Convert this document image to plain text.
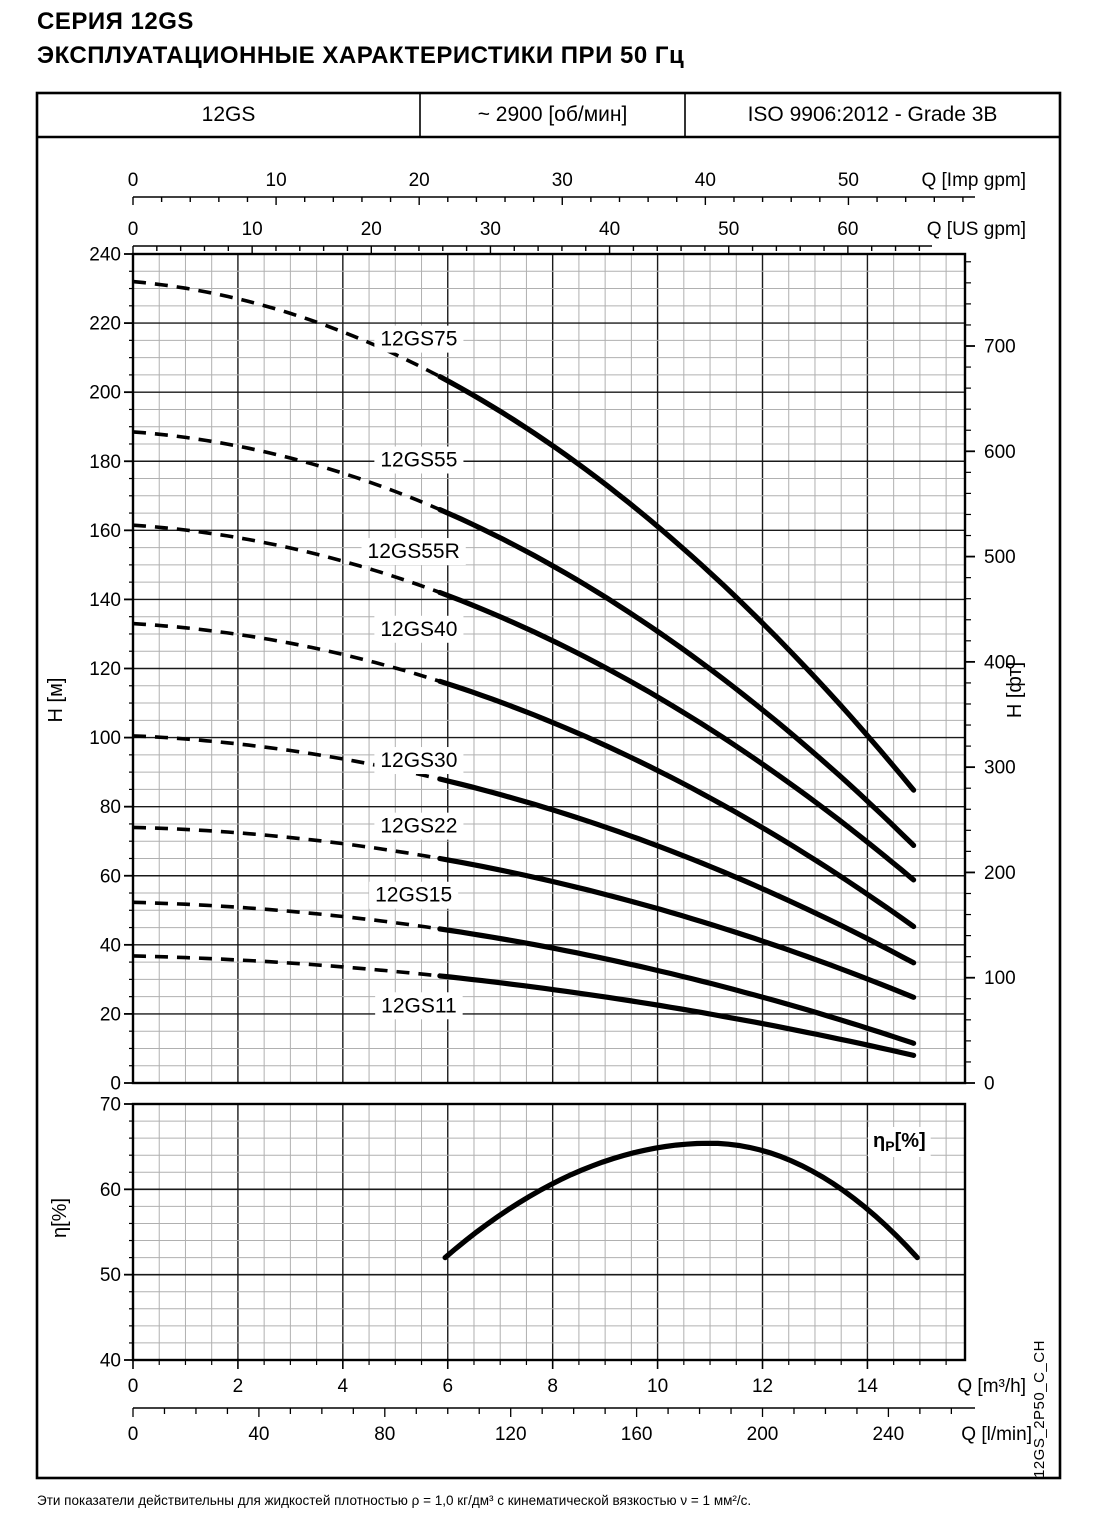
СЕРИЯ 12GS
ЭКСПЛУАТАЦИОННЫЕ ХАРАКТЕРИСТИКИ ПРИ 50 Гц
12GS	~ 2900 [об/мин]	ISO 9906:2012 - Grade 3B
0	10	20	30	40	50	Q [Imp gpm]
0	10	20	30	40	50	60	Q [US gpm]
0
20
40
60
80
100
120
140
160
180
200
220
240
H [м]
0
100
200
300
400
500
600
700
H [фт]
40
50
60
70
η[%]
0	2	4	6	8	10	12	14	Q [m³/h]
0	40	80	120	160	200	240	Q [l/min]
$\eta_P[\%]$
12GS75
12GS55
12GS55R
12GS40
12GS30
12GS22
12GS15
12GS11
Эти показатели действительны для жидкостей плотностью ρ = 1,0 кг/дм³ с кинематической вязкостью ν = 1 мм²/с.
12GS_2P50_C_CH
